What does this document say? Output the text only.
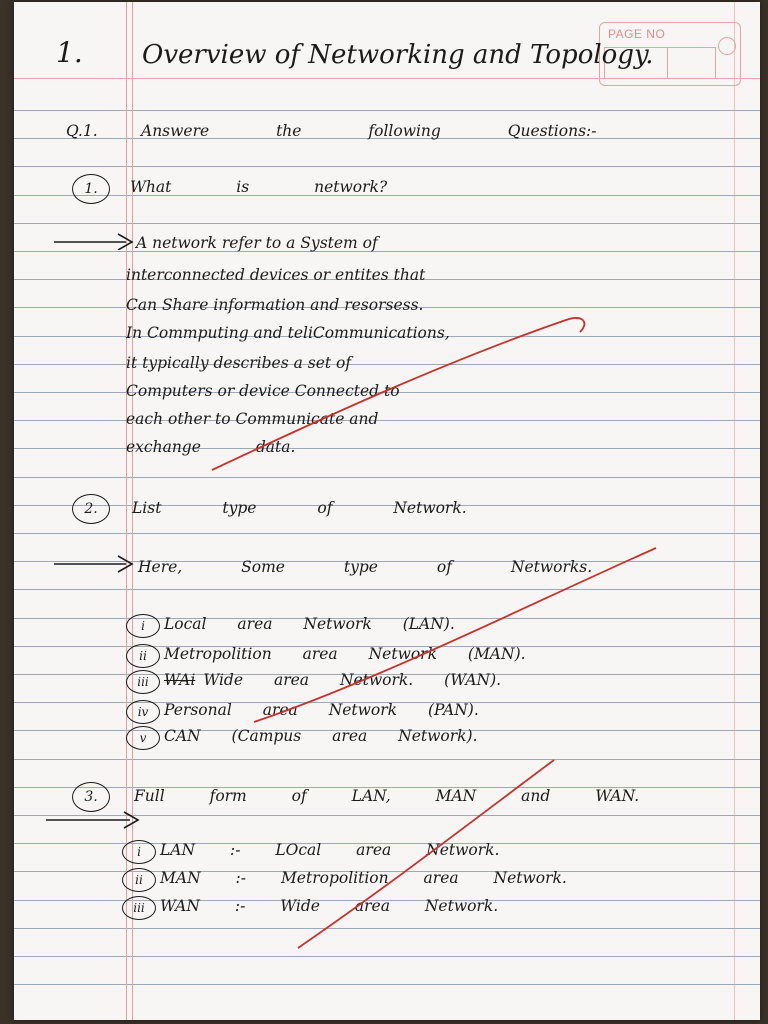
PAGE NO
1. Overview of Networking and Topology.
Q.1.	Answere the following Questions:-
1.	What is network?
A network refer to a System of
interconnected devices or entites that
Can Share information and resorsess.
In Commputing and teliCommunications,
it typically describes a set of
Computers or device Connected to
each other to Communicate and
exchange data.
2.	List type of Network.
Here, Some type of Networks.
i	Local area Network (LAN).
ii	Metropolition area Network (MAN).
iii WAi Wide area Network. (WAN).
iv	Personal area Network (PAN).
v	CAN (Campus area Network).
3.	Full form of LAN, MAN and WAN.
i	LAN :- LOcal area Network.
ii	MAN :- Metropolition area Network.
iii WAN :- Wide area Network.
